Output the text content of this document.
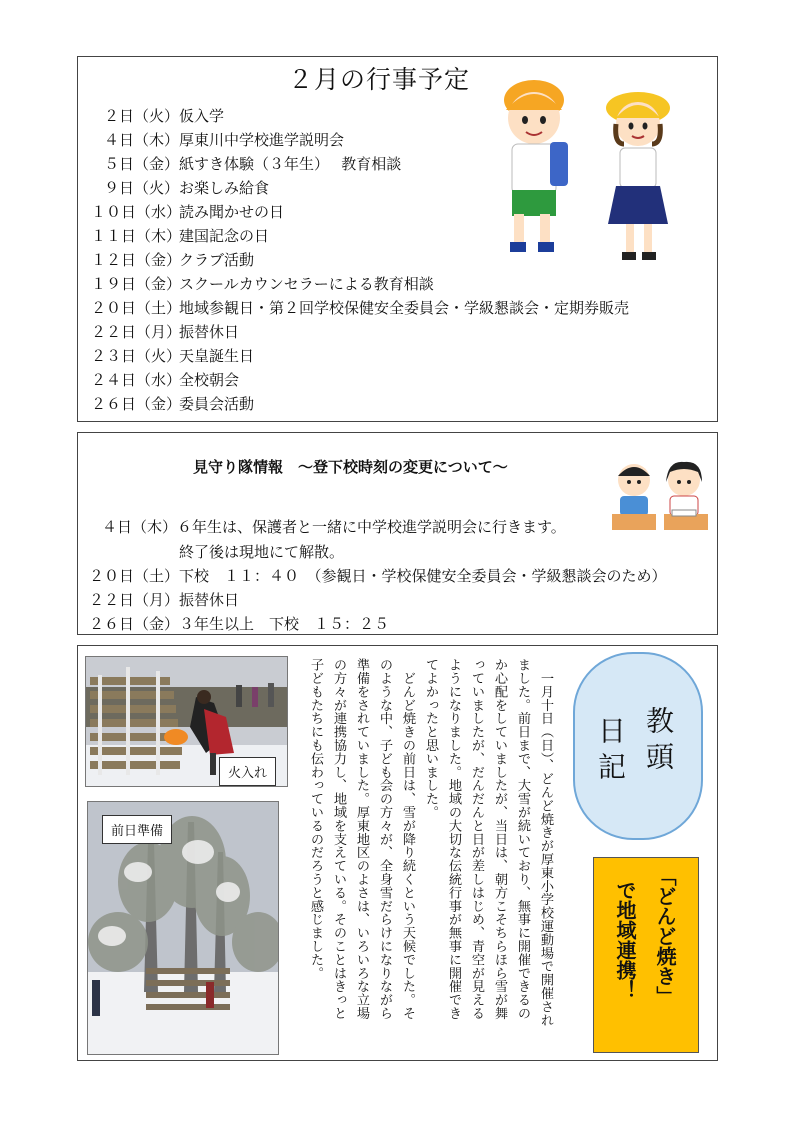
２月の行事予定
２日（火）仮入学
４日（木）厚東川中学校進学説明会
５日（金）紙すき体験（３年生）　 教育相談
９日（火）お楽しみ給食
１０日（水）読み聞かせの日
１１日（木）建国記念の日
１２日（金）クラブ活動
１９日（金）スクールカウンセラーによる教育相談
２０日（土）地域参観日・第２回学校保健安全委員会・学級懇談会・定期券販売
２２日（月）振替休日
２３日（火）天皇誕生日
２４日（水）全校朝会
２６日（金）委員会活動
見守り隊情報　～登下校時刻の変更について～
４日（木）６年生は、保護者と一緒に中学校進学説明会に行きます。
終了後は現地にて解散。
２０日（土）下校　１１：４０　（参観日・学校保健安全委員会・学級懇談会のため）
２２日（月）振替休日
２６日（金）３年生以上　下校　１５：２５
　一月十日（日）、どんど焼きが厚東小学校運動場で開催され
ました。前日まで、大雪が続いており、無事に開催できるの
か心配をしていましたが、当日は、朝方こそちらほら雪が舞
っていましたが、だんだんと日が差しはじめ、青空が見える
ようになりました。地域の大切な伝統行事が無事に開催でき
てよかったと思いました。
　どんど焼きの前日は、雪が降り続くという天候でした。そ
のような中、子ども会の方々が、全身雪だらけになりながら
準備をされていました。厚東地区のよさは、いろいろな立場
の方々が連携協力し、地域を支えている。そのことはきっと
子どもたちにも伝わっているのだろうと感じました。	教頭
日記
「どんど焼き」
で地域連携！
火入れ
前日準備
